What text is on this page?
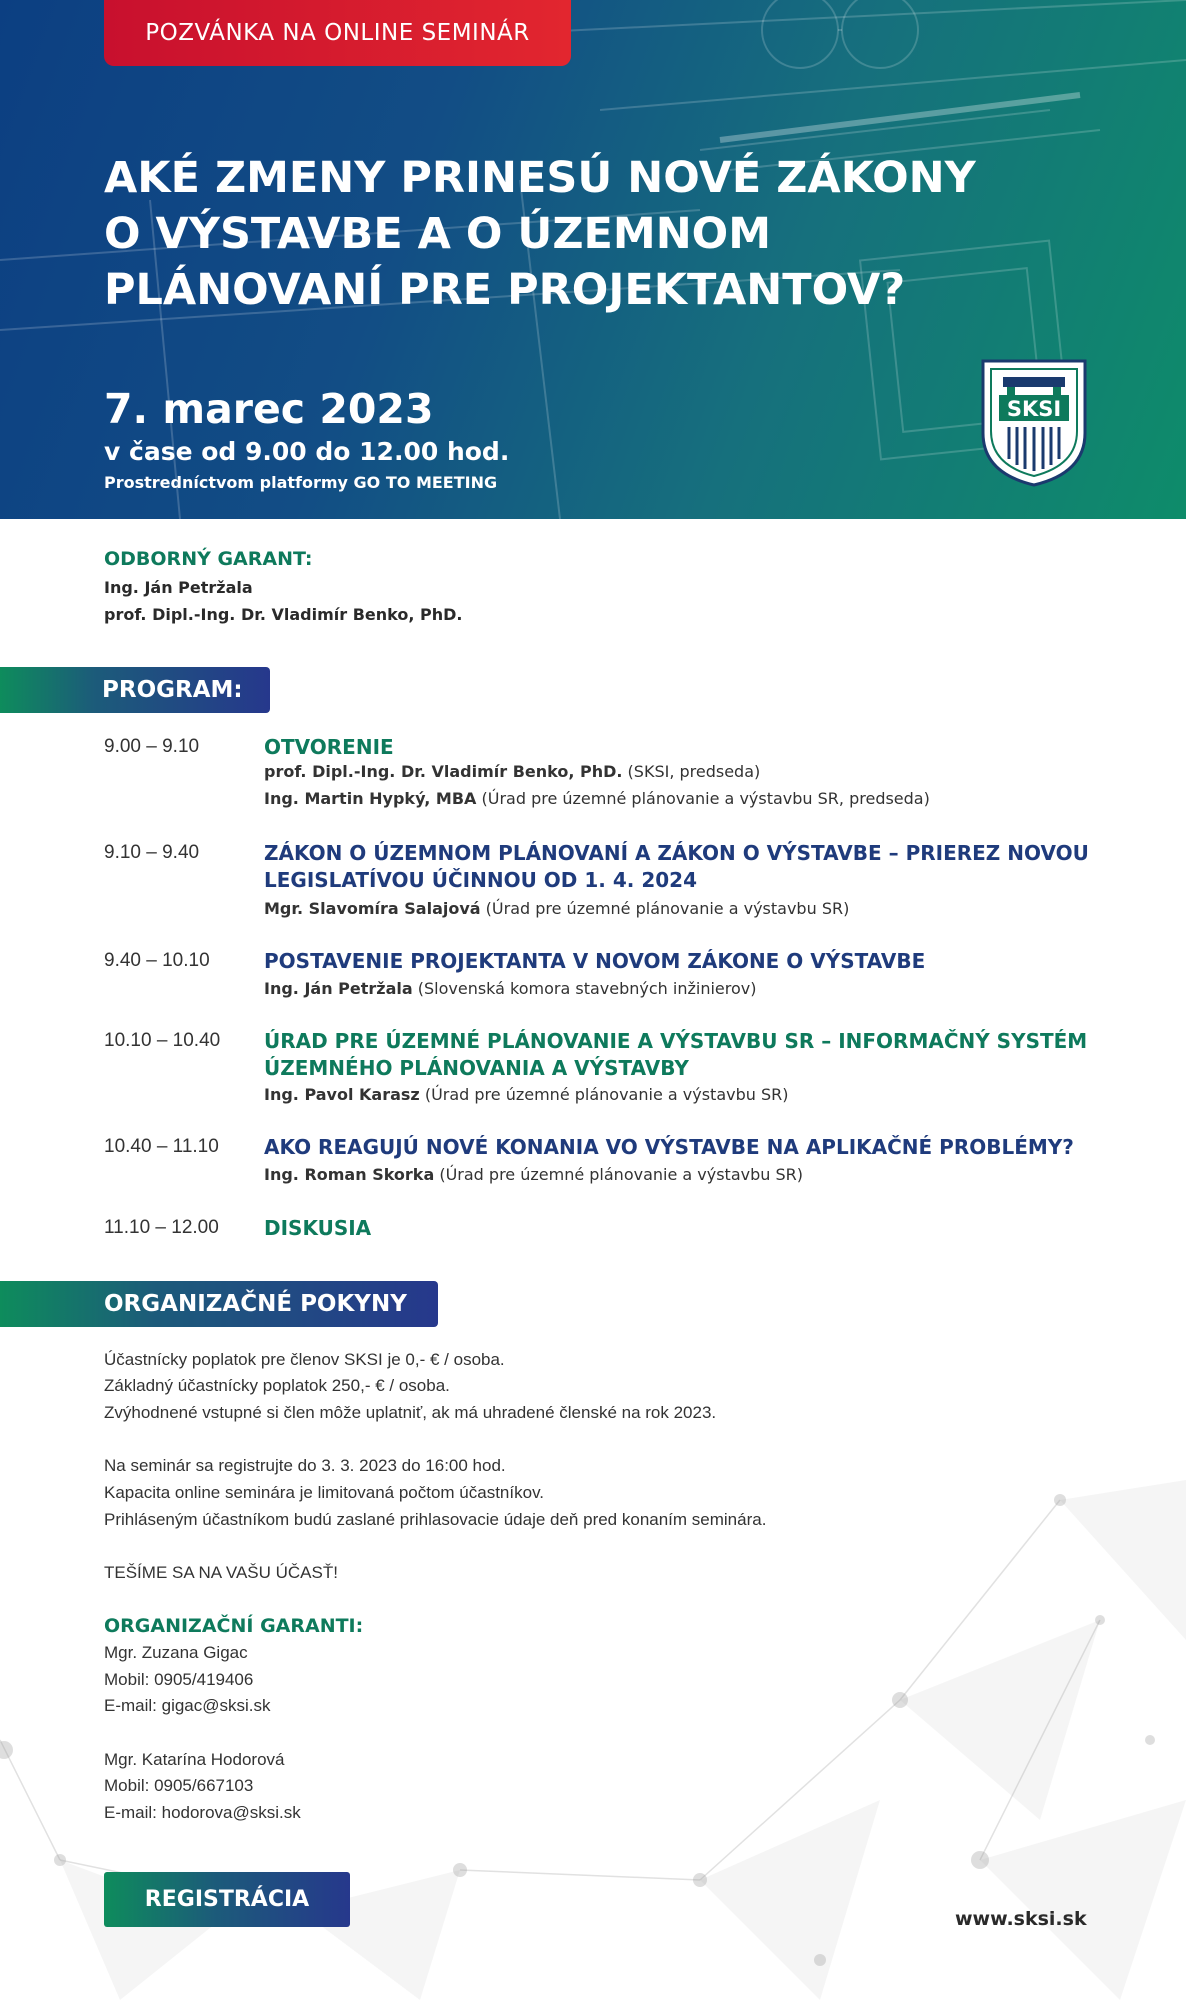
POZVÁNKA NA ONLINE SEMINÁR
AKÉ ZMENY PRINESÚ NOVÉ ZÁKONY
O VÝSTAVBE A O ÚZEMNOM
PLÁNOVANÍ PRE PROJEKTANTOV?
7. marec 2023
v čase od 9.00 do 12.00 hod.
Prostredníctvom platformy GO TO MEETING
SKSI
ODBORNÝ GARANT:
Ing. Ján Petržala
prof. Dipl.-Ing. Dr. Vladimír Benko, PhD.
PROGRAM:
9.00 – 9.10	OTVORENIE
prof. Dipl.-Ing. Dr. Vladimír Benko, PhD. (SKSI, predseda)
Ing. Martin Hypký, MBA (Úrad pre územné plánovanie a výstavbu SR, predseda)
9.10 – 9.40	ZÁKON O ÚZEMNOM PLÁNOVANÍ A ZÁKON O VÝSTAVBE – PRIEREZ NOVOU
LEGISLATÍVOU ÚČINNOU OD 1. 4. 2024
Mgr. Slavomíra Salajová (Úrad pre územné plánovanie a výstavbu SR)
9.40 – 10.10	POSTAVENIE PROJEKTANTA V NOVOM ZÁKONE O VÝSTAVBE
Ing. Ján Petržala (Slovenská komora stavebných inžinierov)
10.10 – 10.40 ÚRAD PRE ÚZEMNÉ PLÁNOVANIE A VÝSTAVBU SR – INFORMAČNÝ SYSTÉM
ÚZEMNÉHO PLÁNOVANIA A VÝSTAVBY
Ing. Pavol Karasz (Úrad pre územné plánovanie a výstavbu SR)
10.40 – 11.10 AKO REAGUJÚ NOVÉ KONANIA VO VÝSTAVBE NA APLIKAČNÉ PROBLÉMY?
Ing. Roman Skorka (Úrad pre územné plánovanie a výstavbu SR)
11.10 – 12.00 DISKUSIA
ORGANIZAČNÉ POKYNY
Účastnícky poplatok pre členov SKSI je 0,- € / osoba.
Základný účastnícky poplatok 250,- € / osoba.
Zvýhodnené vstupné si člen môže uplatniť, ak má uhradené členské na rok 2023.
Na seminár sa registrujte do 3. 3. 2023 do 16:00 hod.
Kapacita online seminára je limitovaná počtom účastníkov.
Prihláseným účastníkom budú zaslané prihlasovacie údaje deň pred konaním seminára.
TEŠÍME SA NA VAŠU ÚČASŤ!
ORGANIZAČNÍ GARANTI:
Mgr. Zuzana Gigac
Mobil: 0905/419406
E-mail: gigac@sksi.sk
Mgr. Katarína Hodorová
Mobil: 0905/667103
E-mail: hodorova@sksi.sk
REGISTRÁCIA
www.sksi.sk
